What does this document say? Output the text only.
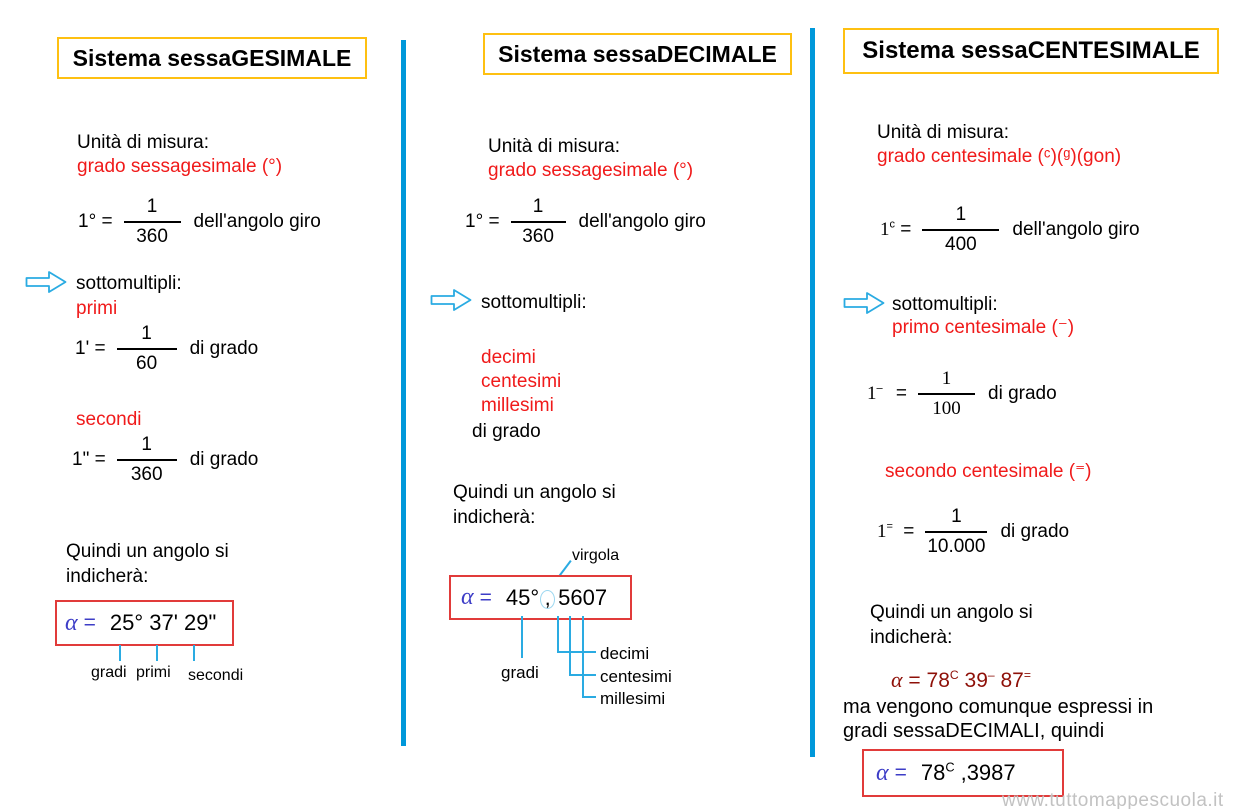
Sistema sessaGESIMALE
Unità di misura:
grado sessagesimale (°)
$1^\circ = \frac{1}{360}$ dell'angolo giro
sottomultipli:
primi
$1' = \frac{1}{60}$ di grado
secondi
1" = $\frac{1}{360}$ di grado
Quindi un angolo si
indicherà:
α = 25° 37' 29"
gradi primi secondi
Sistema sessaDECIMALE
Unità di misura:
grado sessagesimale (°)
$1^\circ = \frac{1}{360}$ dell'angolo giro
sottomultipli:
decimi
centesimi
millesimi
di grado
Quindi un angolo si
indicherà:
virgola
α = 45° , 5607
gradi
decimi
centesimi
millesimi
Sistema sessaCENTESIMALE
Unità di misura:
grado centesimale (ᶜ)(ᵍ)(gon)
$1^c = \frac{1}{400}$ dell'angolo giro
sottomultipli:
primo centesimale (⁻)
$1^- = \frac{1}{100}$ di grado
secondo centesimale (⁼)
$1^= = \frac{1}{10.000}$ di grado
Quindi un angolo si
indicherà:
$\alpha = 78^C$ 39– 87=
ma vengono comunque espressi in
gradi sessaDECIMALI, quindi
$\alpha = 78^C$ ,3987
www.tuttomappescuola.it
